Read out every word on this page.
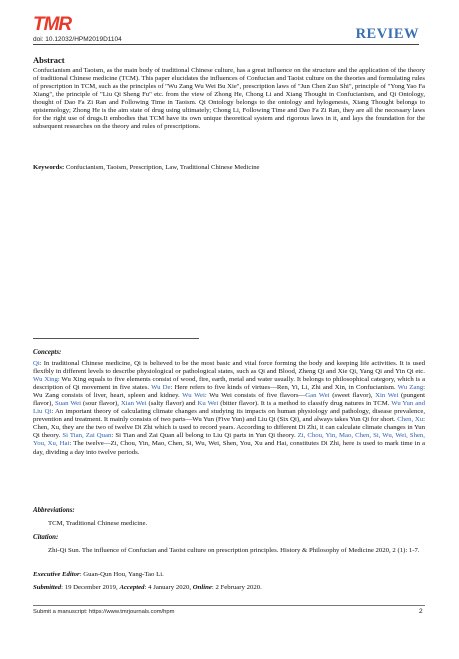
TMR
doi: 10.12032/HPM2019D1104	REVIEW
Abstract
Confucianism and Taoism, as the main body of traditional Chinese culture, has a great influence on the structure and the application of the theory of traditional Chinese medicine (TCM). This paper elucidates the influences of Confucian and Taoist culture on the theories and formulating rules of prescription in TCM, such as the principles of "Wu Zang Wu Wei Bu Xie", prescription laws of "Jun Chen Zuo Shi", principle of "Yong Yao Fa Xiang", the principle of "Liu Qi Sheng Fu" etc. from the view of Zhong He, Chong Li and Xiang Thought in Confucianism, and Qi Ontology, thought of Dao Fa Zi Ran and Following Time in Taoism. Qi Ontology belongs to the ontology and hylogenesis, Xiang Thought belongs to epistemology; Zhong He is the aim state of drug using ultimately; Chong Li, Following Time and Dao Fa Zi Ran, they are all the necessary laws for the right use of drugs.It embodies that TCM have its own unique theoretical system and rigorous laws in it, and lays the foundation for the subsequent researches on the theory and rules of prescriptions.
Keywords: Confucianism, Taoism, Prescription, Law, Traditional Chinese Medicine
Concepts:
Qi: In traditional Chinese medicine, Qi is believed to be the most basic and vital force forming the body and keeping life activities. It is used flexibly in different levels to describe physiological or pathological states, such as Qi and Blood, Zheng Qi and Xie Qi, Yang Qi and Yin Qi etc. Wu Xing: Wu Xing equals to five elements consist of wood, fire, earth, metal and water usually. It belongs to philosophical category, which is a description of Qi movement in five states. Wu De: Here refers to five kinds of virtues—Ren, Yi, Li, Zhi and Xin, in Confucianism. Wu Zang: Wu Zang consists of liver, heart, spleen and kidney. Wu Wei: Wu Wei consists of five flavors—Gan Wei (sweet flavor), Xin Wei (pungent flavor), Suan Wei (sour flavor), Xian Wei (salty flavor) and Ku Wei (bitter flavor). It is a method to classify drug natures in TCM. Wu Yun and Liu Qi: An important theory of calculating climate changes and studying its impacts on human physiology and pathology, disease prevalence, prevention and treatment. It mainly consists of two parts—Wu Yun (Five Yun) and Liu Qi (Six Qi), and always takes Yun Qi for short. Chen, Xu: Chen, Xu, they are the two of twelve Di Zhi which is used to record years. According to different Di Zhi, it can calculate climate changes in Yun Qi theory. Si Tian, Zai Quan: Si Tian and Zai Quan all belong to Liu Qi parts in Yun Qi theory. Zi, Chou, Yin, Mao, Chen, Si, Wu, Wei, Shen, You, Xu, Hai: The twelve—Zi, Chou, Yin, Mao, Chen, Si, Wu, Wei, Shen, You, Xu and Hai, constitutes Di Zhi, here is used to mark time in a day, dividing a day into twelve periods.
Abbreviations:
TCM, Traditional Chinese medicine.
Citation:
Zhi-Qi Sun. The influence of Confucian and Taoist culture on prescription principles. History & Philosophy of Medicine 2020, 2 (1): 1-7.
Executive Editor: Guan-Qun Hou, Yang-Tao Li.
Submitted: 19 December 2019, Accepted: 4 January 2020, Online: 2 February 2020.
Submit a manuscript: https://www.tmrjournals.com/hpm	2
